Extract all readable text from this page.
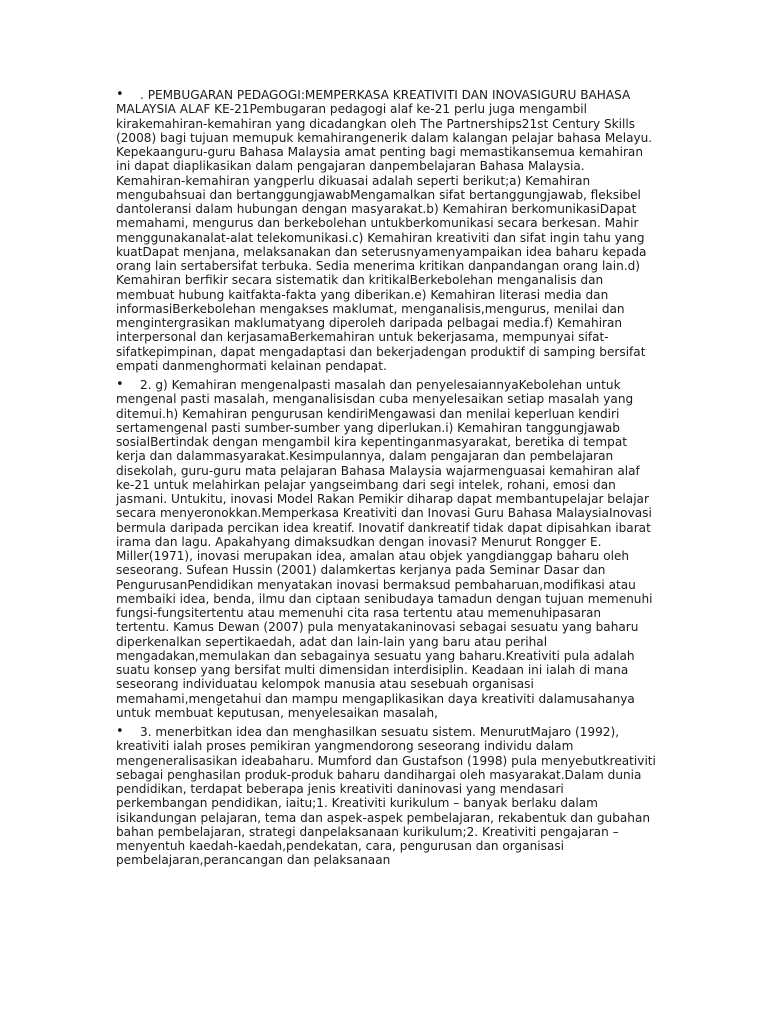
•	. PEMBUGARAN PEDAGOGI:MEMPERKASA KREATIVITI DAN INOVASIGURU BAHASA MALAYSIA ALAF KE-21Pembugaran pedagogi alaf ke-21 perlu juga mengambil kirakemahiran-kemahiran yang dicadangkan oleh The Partnerships21st Century Skills (2008) bagi tujuan memupuk kemahirangenerik dalam kalangan pelajar bahasa Melayu. Kepekaanguru-guru Bahasa Malaysia amat penting bagi memastikansemua kemahiran ini dapat diaplikasikan dalam pengajaran danpembelajaran Bahasa Malaysia. Kemahiran-kemahiran yangperlu dikuasai adalah seperti berikut;a) Kemahiran mengubahsuai dan bertanggungjawabMengamalkan sifat bertanggungjawab, fleksibel dantoleransi dalam hubungan dengan masyarakat.b) Kemahiran berkomunikasiDapat memahami, mengurus dan berkebolehan untukberkomunikasi secara berkesan. Mahir menggunakanalat-alat telekomunikasi.c) Kemahiran kreativiti dan sifat ingin tahu yang kuatDapat menjana, melaksanakan dan seterusnyamenyampaikan idea baharu kepada orang lain sertabersifat terbuka. Sedia menerima kritikan danpandangan orang lain.d) Kemahiran berfikir secara sistematik dan kritikalBerkebolehan menganalisis dan membuat hubung kaitfakta-fakta yang diberikan.e) Kemahiran literasi media dan informasiBerkebolehan mengakses maklumat, menganalisis,mengurus, menilai dan mengintergrasikan maklumatyang diperoleh daripada pelbagai media.f) Kemahiran interpersonal dan kerjasamaBerkemahiran untuk bekerjasama, mempunyai sifat-sifatkepimpinan, dapat mengadaptasi dan bekerjadengan produktif di samping bersifat empati danmenghormati kelainan pendapat.
•	2. g) Kemahiran mengenalpasti masalah dan penyelesaiannyaKebolehan untuk mengenal pasti masalah, menganalisisdan cuba menyelesaikan setiap masalah yang ditemui.h) Kemahiran pengurusan kendiriMengawasi dan menilai keperluan kendiri sertamengenal pasti sumber-sumber yang diperlukan.i) Kemahiran tanggungjawab sosialBertindak dengan mengambil kira kepentinganmasyarakat, beretika di tempat kerja dan dalammasyarakat.Kesimpulannya, dalam pengajaran dan pembelajaran disekolah, guru-guru mata pelajaran Bahasa Malaysia wajarmenguasai kemahiran alaf ke-21 untuk melahirkan pelajar yangseimbang dari segi intelek, rohani, emosi dan jasmani. Untukitu, inovasi Model Rakan Pemikir diharap dapat membantupelajar belajar secara menyeronokkan.Memperkasa Kreativiti dan Inovasi Guru Bahasa MalaysiaInovasi bermula daripada percikan idea kreatif. Inovatif dankreatif tidak dapat dipisahkan ibarat irama dan lagu. Apakahyang dimaksudkan dengan inovasi? Menurut Rongger E. Miller(1971), inovasi merupakan idea, amalan atau objek yangdianggap baharu oleh seseorang. Sufean Hussin (2001) dalamkertas kerjanya pada Seminar Dasar dan PengurusanPendidikan menyatakan inovasi bermaksud pembaharuan,modifikasi atau membaiki idea, benda, ilmu dan ciptaan senibudaya tamadun dengan tujuan memenuhi fungsi-fungsitertentu atau memenuhi cita rasa tertentu atau memenuhipasaran tertentu. Kamus Dewan (2007) pula menyatakaninovasi sebagai sesuatu yang baharu diperkenalkan sepertikaedah, adat dan lain-lain yang baru atau perihal mengadakan,memulakan dan sebagainya sesuatu yang baharu.Kreativiti pula adalah suatu konsep yang bersifat multi dimensidan interdisiplin. Keadaan ini ialah di mana seseorang individuatau kelompok manusia atau sesebuah organisasi memahami,mengetahui dan mampu mengaplikasikan daya kreativiti dalamusahanya untuk membuat keputusan, menyelesaikan masalah,
•	3. menerbitkan idea dan menghasilkan sesuatu sistem. MenurutMajaro (1992), kreativiti ialah proses pemikiran yangmendorong seseorang individu dalam mengeneralisasikan ideabaharu. Mumford dan Gustafson (1998) pula menyebutkreativiti sebagai penghasilan produk-produk baharu dandihargai oleh masyarakat.Dalam dunia pendidikan, terdapat beberapa jenis kreativiti daninovasi yang mendasari perkembangan pendidikan, iaitu;1. Kreativiti kurikulum – banyak berlaku dalam isikandungan pelajaran, tema dan aspek-aspek pembelajaran, rekabentuk dan gubahan bahan pembelajaran, strategi danpelaksanaan kurikulum;2. Kreativiti pengajaran – menyentuh kaedah-kaedah,pendekatan, cara, pengurusan dan organisasi pembelajaran,perancangan dan pelaksanaan
